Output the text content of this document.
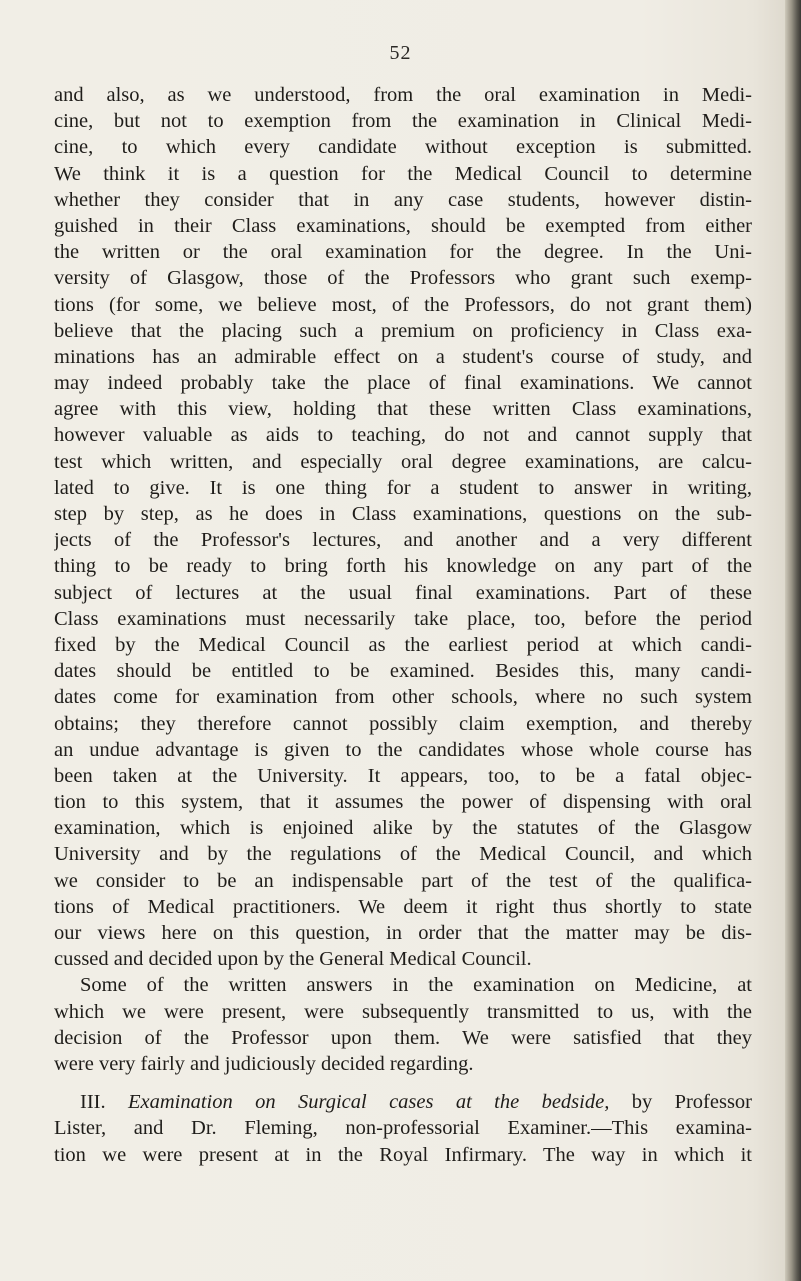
52
and also, as we understood, from the oral examination in Medi-
cine, but not to exemption from the examination in Clinical Medi-
cine, to which every candidate without exception is submitted.
We think it is a question for the Medical Council to determine
whether they consider that in any case students, however distin-
guished in their Class examinations, should be exempted from either
the written or the oral examination for the degree. In the Uni-
versity of Glasgow, those of the Professors who grant such exemp-
tions (for some, we believe most, of the Professors, do not grant them)
believe that the placing such a premium on proficiency in Class exa-
minations has an admirable effect on a student's course of study, and
may indeed probably take the place of final examinations. We cannot
agree with this view, holding that these written Class examinations,
however valuable as aids to teaching, do not and cannot supply that
test which written, and especially oral degree examinations, are calcu-
lated to give. It is one thing for a student to answer in writing,
step by step, as he does in Class examinations, questions on the sub-
jects of the Professor's lectures, and another and a very different
thing to be ready to bring forth his knowledge on any part of the
subject of lectures at the usual final examinations. Part of these
Class examinations must necessarily take place, too, before the period
fixed by the Medical Council as the earliest period at which candi-
dates should be entitled to be examined. Besides this, many candi-
dates come for examination from other schools, where no such system
obtains; they therefore cannot possibly claim exemption, and thereby
an undue advantage is given to the candidates whose whole course has
been taken at the University. It appears, too, to be a fatal objec-
tion to this system, that it assumes the power of dispensing with oral
examination, which is enjoined alike by the statutes of the Glasgow
University and by the regulations of the Medical Council, and which
we consider to be an indispensable part of the test of the qualifica-
tions of Medical practitioners. We deem it right thus shortly to state
our views here on this question, in order that the matter may be dis-
cussed and decided upon by the General Medical Council.
Some of the written answers in the examination on Medicine, at
which we were present, were subsequently transmitted to us, with the
decision of the Professor upon them. We were satisfied that they
were very fairly and judiciously decided regarding.
III. Examination on Surgical cases at the bedside, by Professor
Lister, and Dr. Fleming, non-professorial Examiner.—This examina-
tion we were present at in the Royal Infirmary. The way in which it
